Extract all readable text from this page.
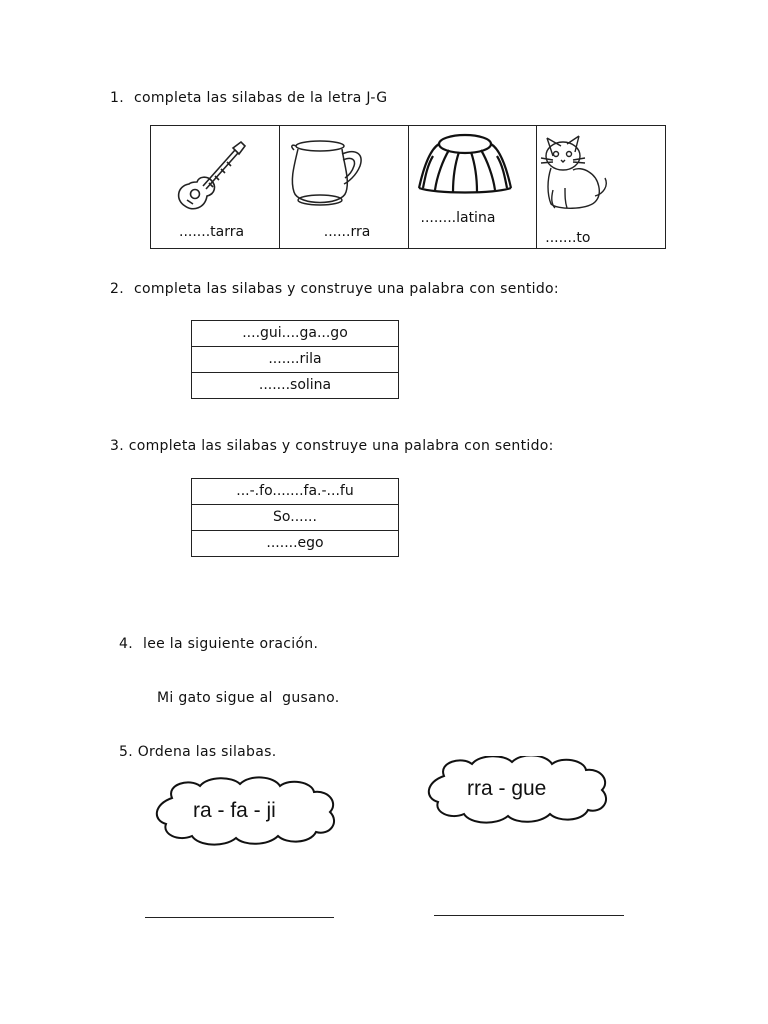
1. completa las silabas de la letra J-G
.......tarra	......rra
........latina
.......to
2. completa las silabas y construye una palabra con sentido:
....gui....ga...go
.......rila
.......solina
3. completa las silabas y construye una palabra con sentido:
...-.fo.......fa.-...fu
So......
.......ego
4. lee la siguiente oración.
Mi gato sigue al  gusano.
5. Ordena las silabas.
ra - fa - ji
rra - gue
